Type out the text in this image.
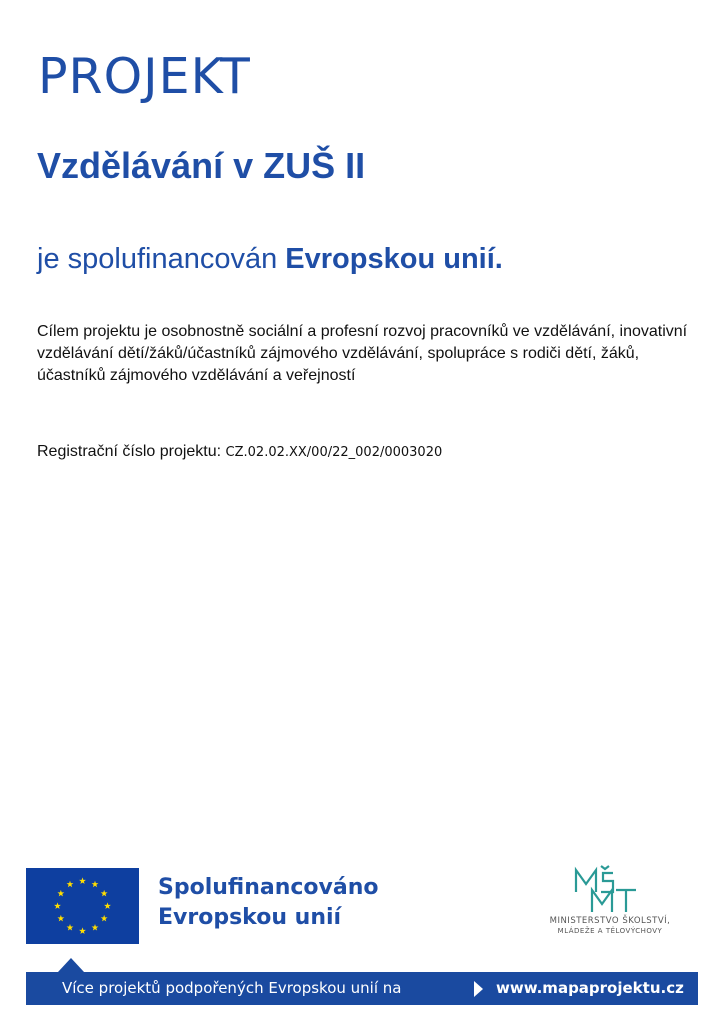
PROJEKT
Vzdělávání v ZUŠ II

je spolufinancován Evropskou unií.

Cílem projektu je osobnostně sociální a profesní rozvoj pracovníků ve vzdělávání, inovativní vzdělávání dětí/žáků/účastníků zájmového vzdělávání, spolupráce s rodiči dětí, žáků, účastníků zájmového vzdělávání a veřejností

Registrační číslo projektu: CZ.02.02.XX/00/22_002/0003020

Spolufinancováno
Evropskou unií	MINISTERSTVO ŠKOLSTVÍ,
MLÁDEŽE A TĚLOVÝCHOVY
Více projektů podpořených Evropskou unií na	www.mapaprojektu.cz
